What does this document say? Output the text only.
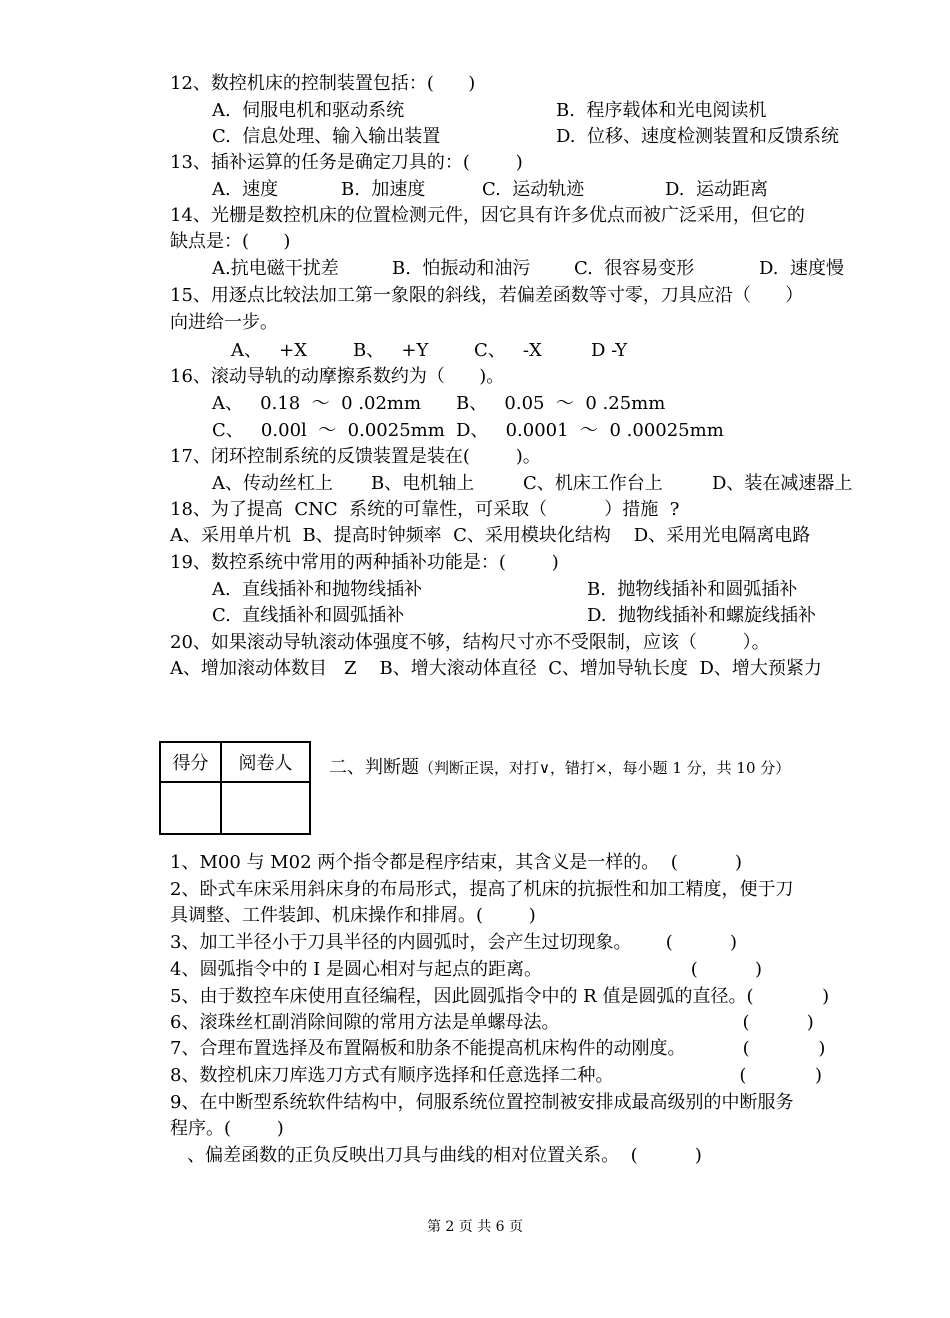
12、数控机床的控制装置包括：(      )
A.  伺服电机和驱动系统	B.  程序载体和光电阅读机
C.  信息处理、输入输出装置	D.  位移、速度检测装置和反馈系统
13、插补运算的任务是确定刀具的：(        )
A.  速度	B.  加速度	C.  运动轨迹	D.  运动距离
14、光栅是数控机床的位置检测元件，因它具有许多优点而被广泛采用，但它的
缺点是：(      )
A.抗电磁干扰差	B.  怕振动和油污 C.  很容易变形	D.  速度慢
15、用逐点比较法加工第一象限的斜线，若偏差函数等寸零，刀具应沿（      ）
向进给一步。
A、   +X	B、   +Y	C、   -X	D -Y
16、滚动导轨的动摩擦系数约为（      )。
A、   0.18  ～  0 .02mm B、   0.05  ～  0 .25mm
C、   0.00l  ～  0.0025mm D、   0.0001  ～  0 .00025mm
17、闭环控制系统的反馈装置是装在(        )。
A、传动丝杠上 B、电机轴上	C、机床工作台上	D、装在减速器上
18、为了提高  CNC  系统的可靠性，可采取（          ）措施  ?
A、采用单片机  B、提高时钟频率  C、采用模块化结构    D、采用光电隔离电路
19、数控系统中常用的两种插补功能是：(        )
A.  直线插补和抛物线插补	B.  抛物线插补和圆弧插补
C.  直线插补和圆弧插补	D.  抛物线插补和螺旋线插补
20、如果滚动导轨滚动体强度不够，结构尺寸亦不受限制，应该（        ）。
A、增加滚动体数目   Z    B、增大滚动体直径  C、增加导轨长度  D、增大预紧力
得分	阅卷人
	二、判断题（判断正误，对打∨，错打×，每小题 1 分，共 10 分）
1、M00 与 M02 两个指令都是程序结束，其含义是一样的。  (          )
2、卧式车床采用斜床身的布局形式，提高了机床的抗振性和加工精度，便于刀
具调整、工件装卸、机床操作和排屑。(        )
3、加工半径小于刀具半径的内圆弧时，会产生过切现象。      (          )
4、圆弧指令中的 I 是圆心相对与起点的距离。                          (          )
5、由于数控车床使用直径编程，因此圆弧指令中的 R 值是圆弧的直径。(            )
6、滚珠丝杠副消除间隙的常用方法是单螺母法。                                (          )
7、合理布置选择及布置隔板和肋条不能提高机床构件的动刚度。          (            )
8、数控机床刀库选刀方式有顺序选择和任意选择二种。                      (            )
9、在中断型系统软件结构中，伺服系统位置控制被安排成最高级别的中断服务
程序。(        )
、偏差函数的正负反映出刀具与曲线的相对位置关系。  (          )
第 2 页 共 6 页
